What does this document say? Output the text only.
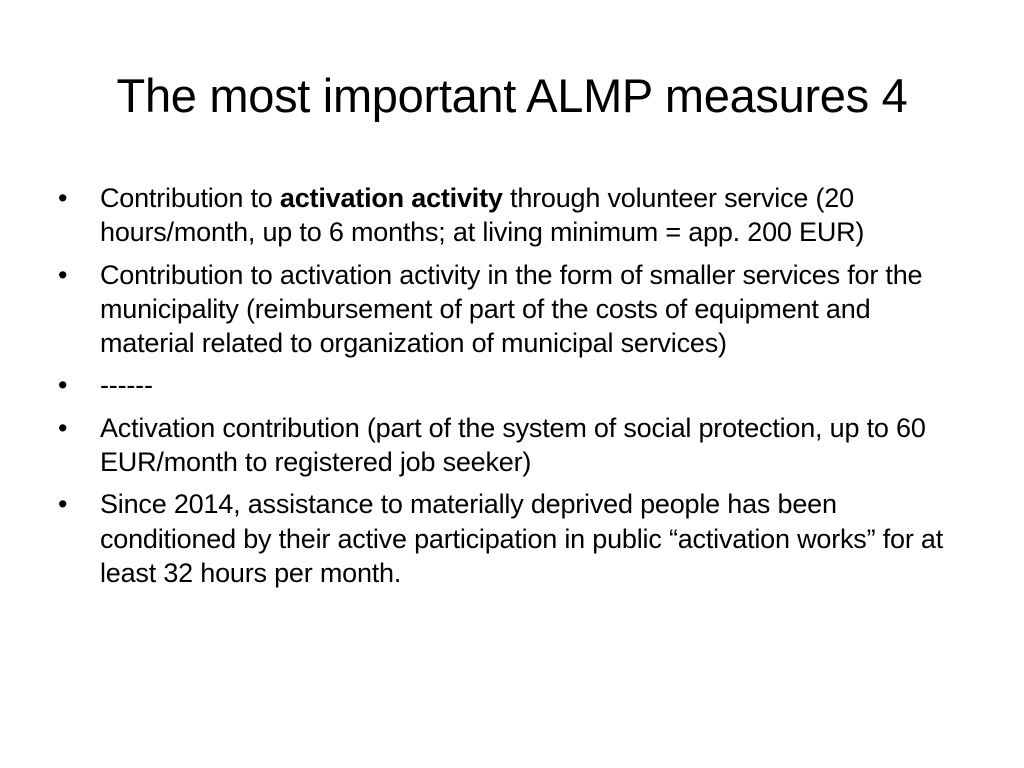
The most important ALMP measures 4
•	Contribution to activation activity through volunteer service (20 hours/month, up to 6 months; at living minimum = app. 200 EUR)
•	Contribution to activation activity in the form of smaller services for the municipality (reimbursement of part of the costs of equipment and material related to organization of municipal services)
•	------
•	Activation contribution (part of the system of social protection, up to 60 EUR/month to registered job seeker)
•	Since 2014, assistance to materially deprived people has been conditioned by their active participation in public “activation works” for at least 32 hours per month.
